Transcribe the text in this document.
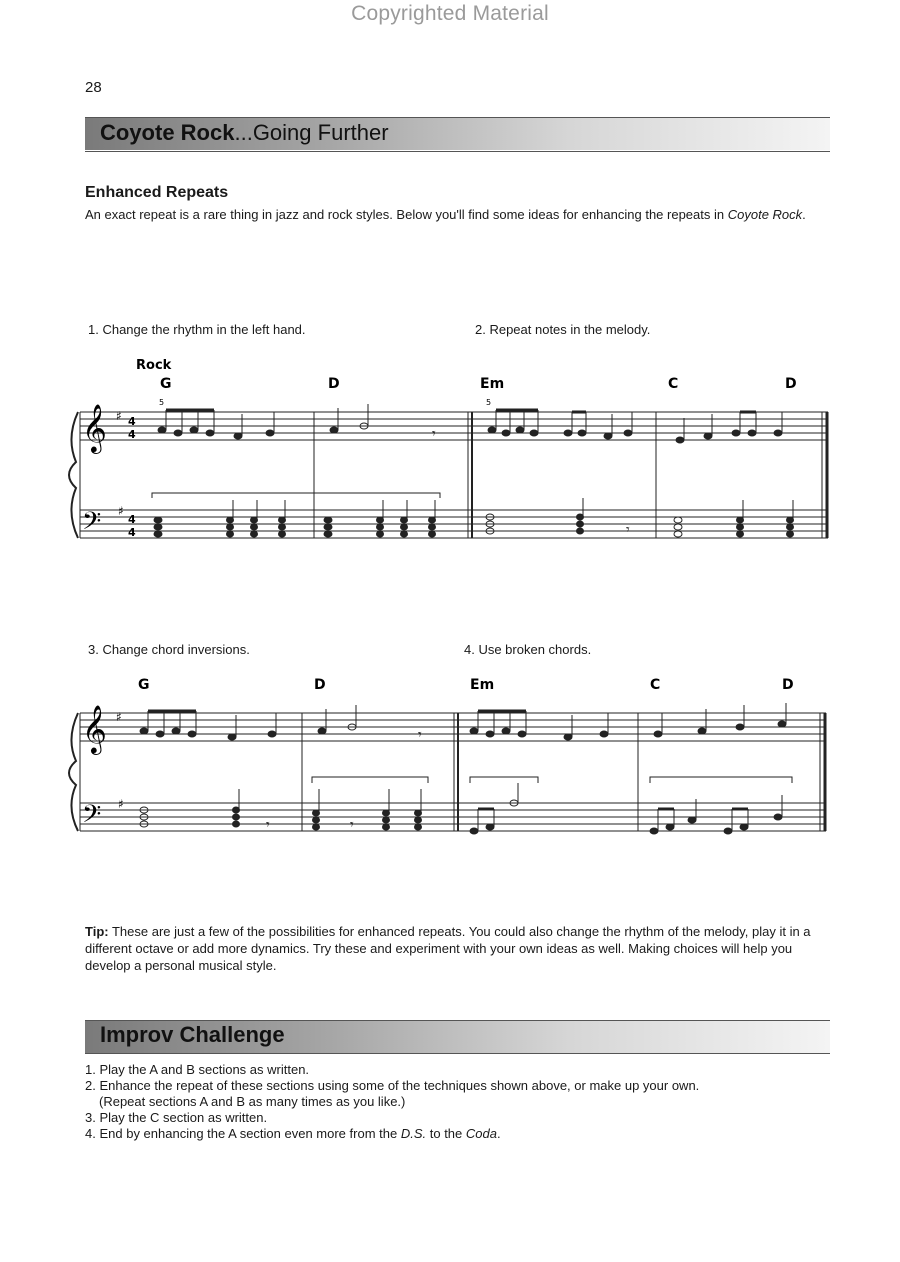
Copyrighted Material
28
Coyote Rock...Going Further
Enhanced Repeats
An exact repeat is a rare thing in jazz and rock styles. Below you'll find some ideas for enhancing the repeats in Coyote Rock.
1. Change the rhythm in the left hand.	2. Repeat notes in the melody.
Rock
G	D	Em	C	D
5	5
𝄞
𝄢
♯
♯
4
4
4
4
𝄾
𝄾
3. Change chord inversions.	4. Use broken chords.
G	D	Em	C	D
𝄞
𝄢
♯
♯
𝄾
𝄾	𝄾
Tip: These are just a few of the possibilities for enhanced repeats. You could also change the rhythm of the melody, play it in a different octave or add more dynamics. Try these and experiment with your own ideas as well. Making choices will help you develop a personal musical style.
Improv Challenge
1. Play the A and B sections as written.
2. Enhance the repeat of these sections using some of the techniques shown above, or make up your own.
(Repeat sections A and B as many times as you like.)
3. Play the C section as written.
4. End by enhancing the A section even more from the D.S. to the Coda.
